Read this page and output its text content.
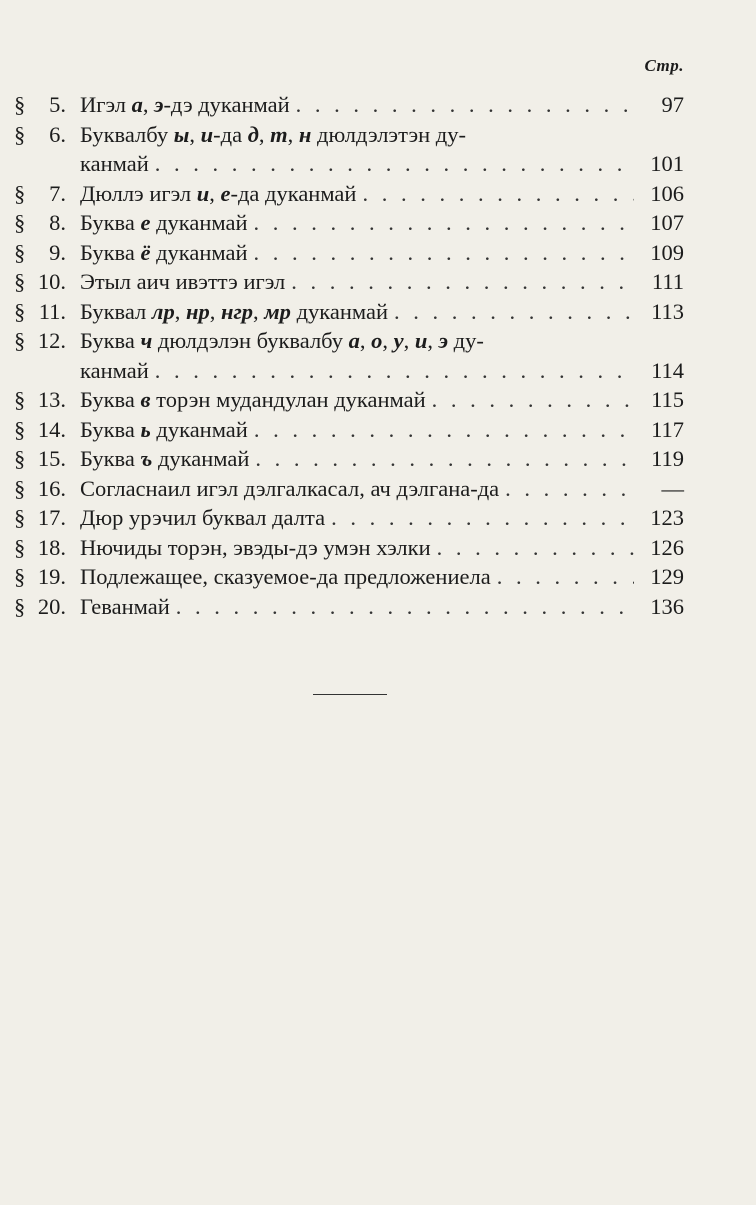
Стр.
§ 5. Игэл а, э-дэ дуканмай . . .	97
§ 6. Буквалбу ы, и-да д, т, н дюлдэлэтэн ду-
канмай . . .	101
§ 7. Дюллэ игэл и, е-да дуканмай . . .	106
§ 8. Буква е дуканмай . . .	107
§ 9. Буква ё дуканмай . . .	109
§ 10. Этыл аич ивэттэ игэл . . .	111
§ 11. Буквал лр, нр, нгр, мр дуканмай . . .	113
§ 12. Буква ч дюлдэлэн буквалбу а, о, у, и, э ду-
канмай . . .	114
§ 13. Буква в торэн мудандулан дуканмай . . .	115
§ 14. Буква ь дуканмай . . .	117
§ 15. Буква ъ дуканмай . . .	119
§ 16. Согласнаил игэл дэлгалкасал, ач дэлгана-да . . .	—
§ 17. Дюр урэчил буквал далта . . .	123
§ 18. Нючиды торэн, эвэды-дэ умэн хэлки . . .	126
§ 19. Подлежащее, сказуемое-да предложениела . . .	129
§ 20. Геванмай . . .	136
